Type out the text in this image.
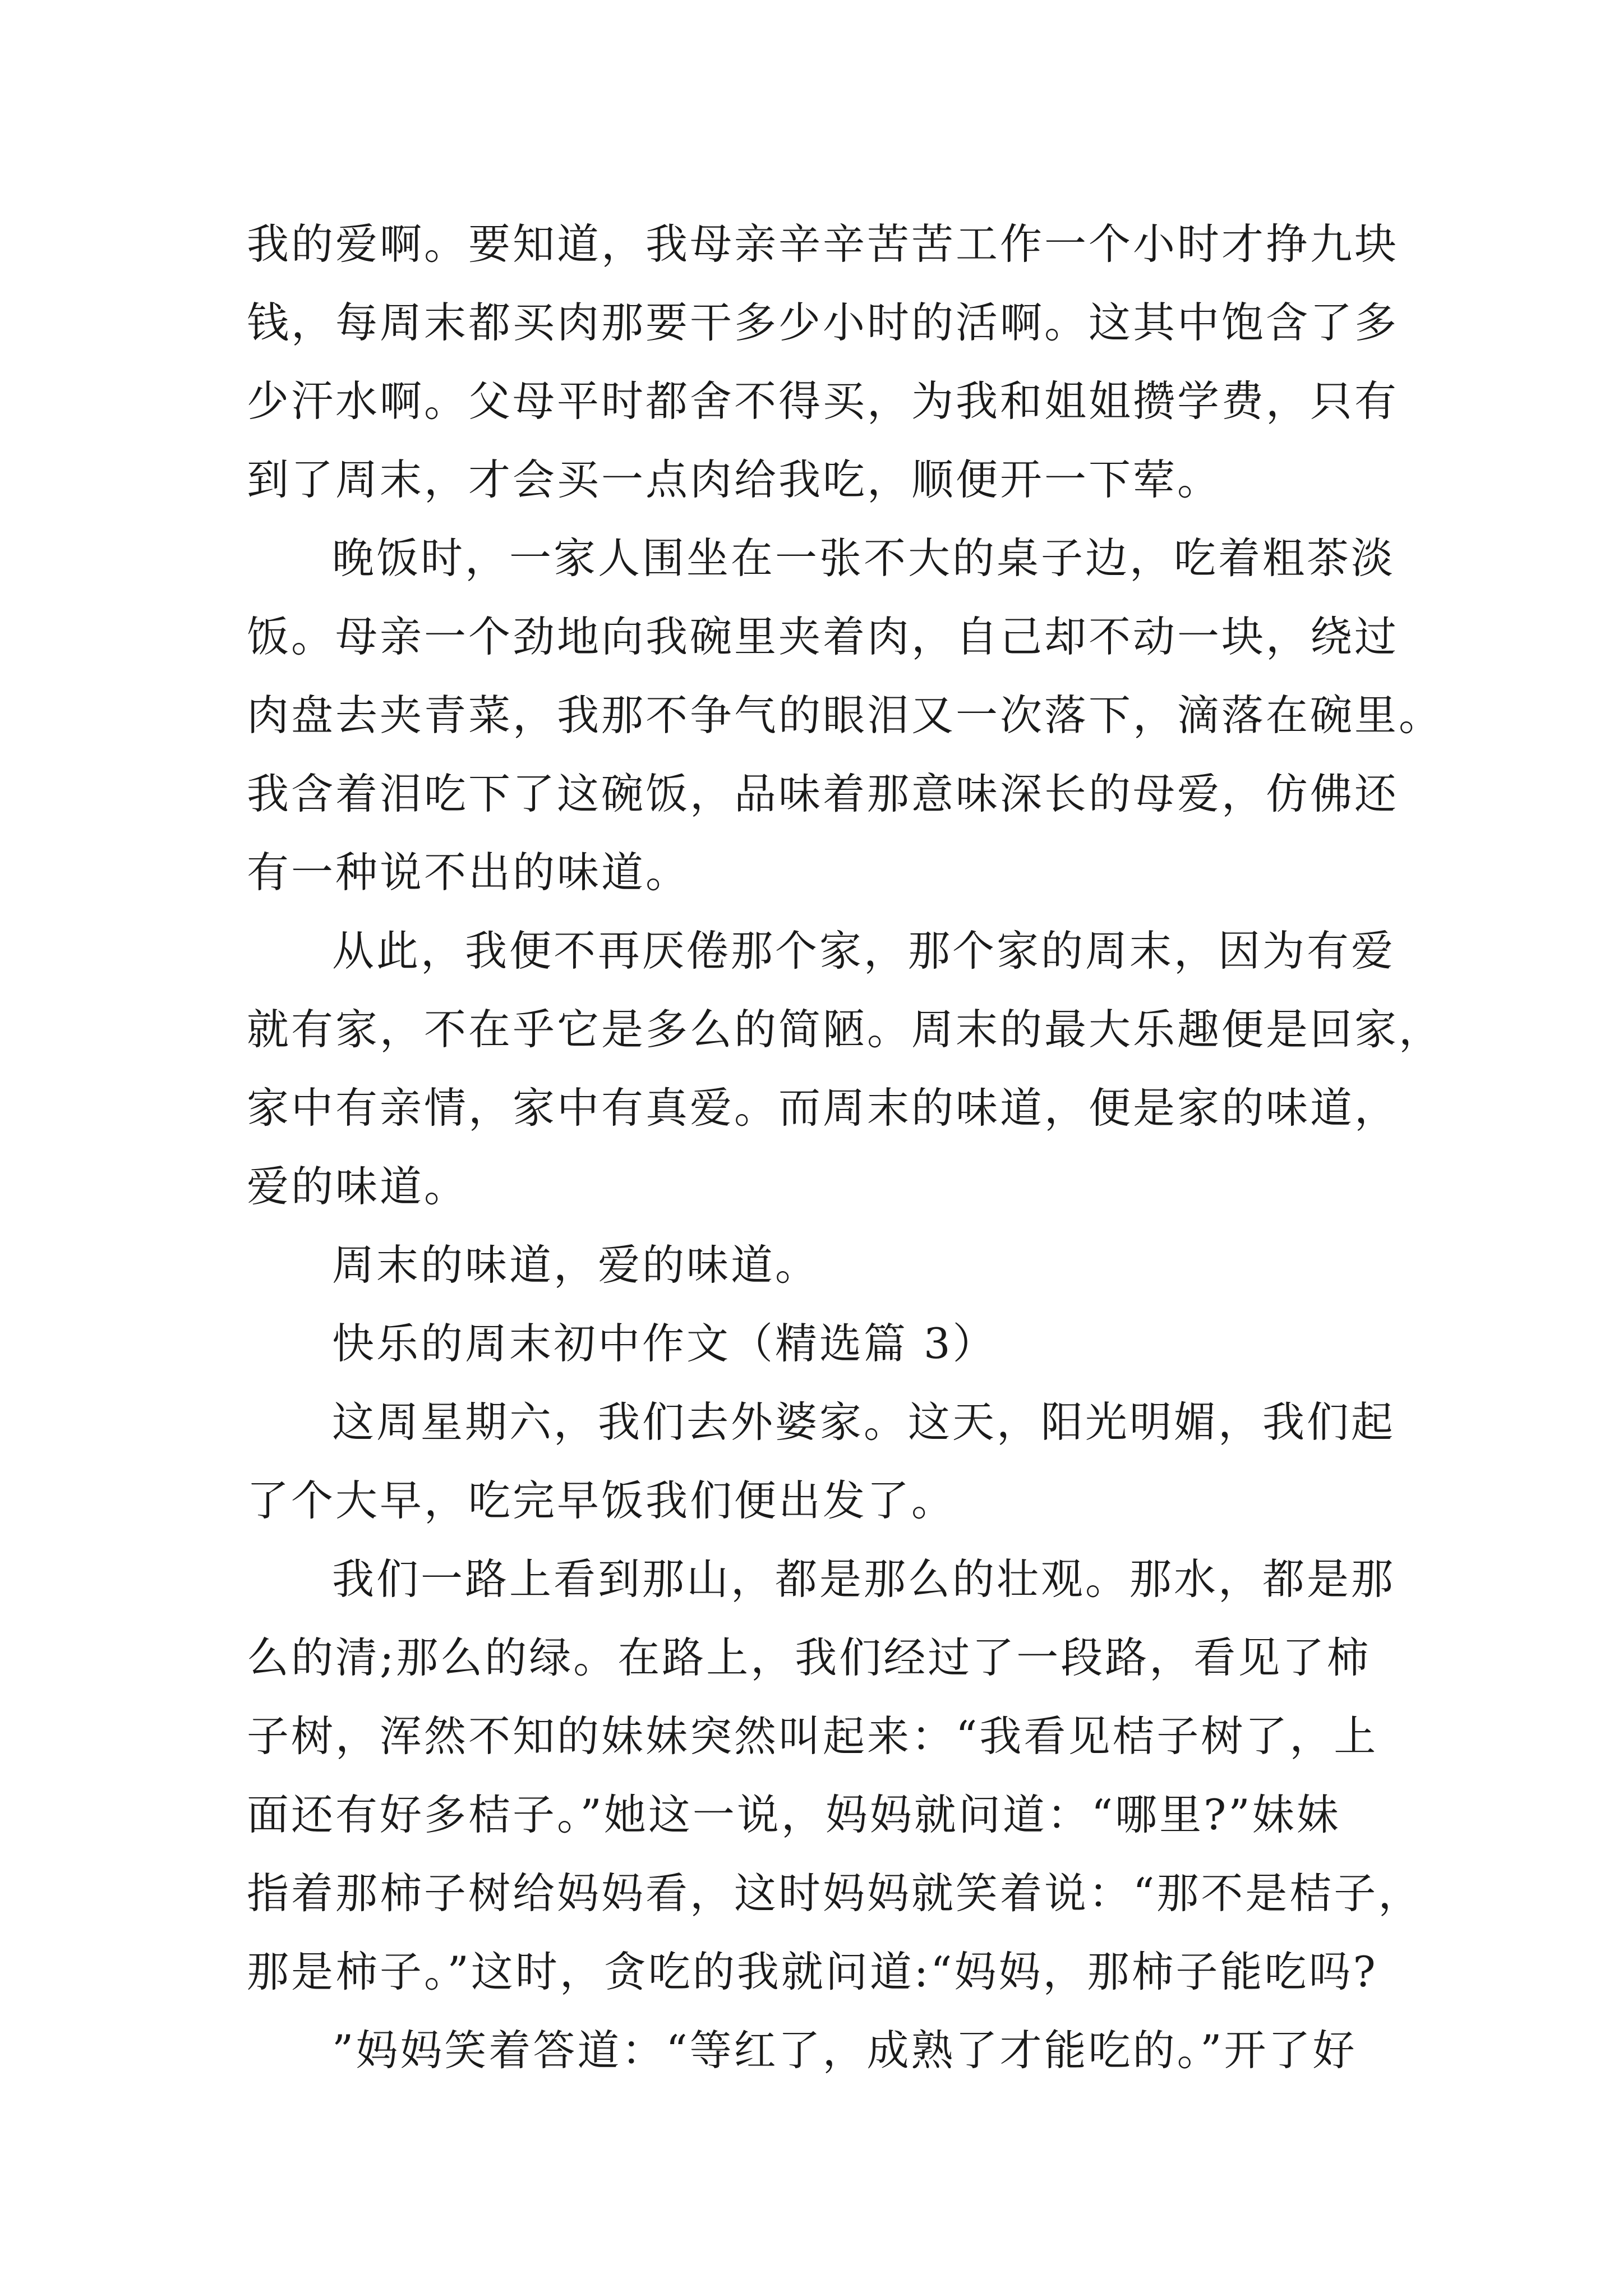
我的爱啊。要知道，我母亲辛辛苦苦工作一个小时才挣九块
钱，每周末都买肉那要干多少小时的活啊。这其中饱含了多
少汗水啊。父母平时都舍不得买，为我和姐姐攒学费，只有
到了周末，才会买一点肉给我吃，顺便开一下荤。
晚饭时，一家人围坐在一张不大的桌子边，吃着粗茶淡
饭。母亲一个劲地向我碗里夹着肉，自己却不动一块，绕过
肉盘去夹青菜，我那不争气的眼泪又一次落下，滴落在碗里。
我含着泪吃下了这碗饭，品味着那意味深长的母爱，仿佛还
有一种说不出的味道。
从此，我便不再厌倦那个家，那个家的周末，因为有爱
就有家，不在乎它是多么的简陋。周末的最大乐趣便是回家，
家中有亲情，家中有真爱。而周末的味道，便是家的味道，
爱的味道。
周末的味道，爱的味道。
快乐的周末初中作文（精选篇 3）
这周星期六，我们去外婆家。这天，阳光明媚，我们起
了个大早，吃完早饭我们便出发了。
我们一路上看到那山，都是那么的壮观。那水，都是那
么的清;那么的绿。在路上，我们经过了一段路，看见了柿
子树，浑然不知的妹妹突然叫起来：“我看见桔子树了，上
面还有好多桔子。”她这一说，妈妈就问道：“哪里?”妹妹
指着那柿子树给妈妈看，这时妈妈就笑着说：“那不是桔子，
那是柿子。”这时，贪吃的我就问道:“妈妈，那柿子能吃吗?
”妈妈笑着答道：“等红了，成熟了才能吃的。”开了好
